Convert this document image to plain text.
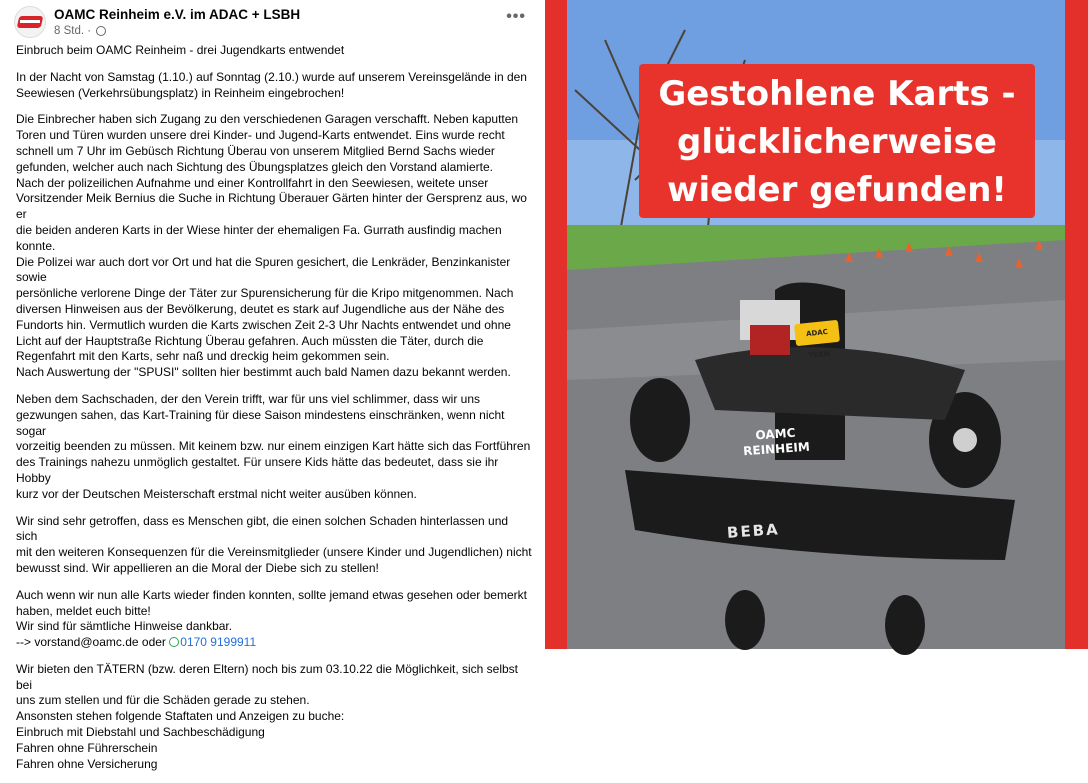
OAMC Reinheim e.V. im ADAC + LSBH
8 Std. ·
•••

Einbruch beim OAMC Reinheim - drei Jugendkarts entwendet

In der Nacht von Samstag (1.10.) auf Sonntag (2.10.) wurde auf unserem Vereinsgelände in den
Seewiesen (Verkehrsübungsplatz) in Reinheim eingebrochen!

Die Einbrecher haben sich Zugang zu den verschiedenen Garagen verschafft. Neben kaputten
Toren und Türen wurden unsere drei Kinder- und Jugend-Karts entwendet. Eins wurde recht
schnell um 7 Uhr im Gebüsch Richtung Überau von unserem Mitglied Bernd Sachs wieder
gefunden, welcher auch nach Sichtung des Übungsplatzes gleich den Vorstand alamierte.
Nach der polizeilichen Aufnahme und einer Kontrollfahrt in den Seewiesen, weitete unser
Vorsitzender Meik Bernius die Suche in Richtung Überauer Gärten hinter der Gersprenz aus, wo er
die beiden anderen Karts in der Wiese hinter der ehemaligen Fa. Gurrath ausfindig machen konnte.
Die Polizei war auch dort vor Ort und hat die Spuren gesichert, die Lenkräder, Benzinkanister sowie
persönliche verlorene Dinge der Täter zur Spurensicherung für die Kripo mitgenommen. Nach
diversen Hinweisen aus der Bevölkerung, deutet es stark auf Jugendliche aus der Nähe des
Fundorts hin. Vermutlich wurden die Karts zwischen Zeit 2-3 Uhr Nachts entwendet und ohne
Licht auf der Hauptstraße Richtung Überau gefahren. Auch müssten die Täter, durch die
Regenfahrt mit den Karts, sehr naß und dreckig heim gekommen sein.
Nach Auswertung der "SPUSI" sollten hier bestimmt auch bald Namen dazu bekannt werden.

Neben dem Sachschaden, der den Verein trifft, war für uns viel schlimmer, dass wir uns
gezwungen sahen, das Kart-Training für diese Saison mindestens einschränken, wenn nicht sogar
vorzeitig beenden zu müssen. Mit keinem bzw. nur einem einzigen Kart hätte sich das Fortführen
des Trainings nahezu unmöglich gestaltet. Für unsere Kids hätte das bedeutet, dass sie ihr Hobby
kurz vor der Deutschen Meisterschaft erstmal nicht weiter ausüben können.

Wir sind sehr getroffen, dass es Menschen gibt, die einen solchen Schaden hinterlassen und sich
mit den weiteren Konsequenzen für die Vereinsmitglieder (unsere Kinder und Jugendlichen) nicht
bewusst sind. Wir appellieren an die Moral der Diebe sich zu stellen!

Auch wenn wir nun alle Karts wieder finden konnten, sollte jemand etwas gesehen oder bemerkt
haben, meldet euch bitte!
Wir sind für sämtliche Hinweise dankbar.
--> vorstand@oamc.de oder 0170 9199911

Wir bieten den TÄTERN (bzw. deren Eltern) noch bis zum 03.10.22 die Möglichkeit, sich selbst bei
uns zum stellen und für die Schäden gerade zu stehen.
Ansonsten stehen folgende Staftaten und Anzeigen zu buche:
Einbruch mit Diebstahl und Sachbeschädigung
Fahren ohne Führerschein
Fahren ohne Versicherung

Gestohlene Karts -
glücklicherweise
wieder gefunden!
ADAC TEAM
OAMC
REINHEIM
BEBA
